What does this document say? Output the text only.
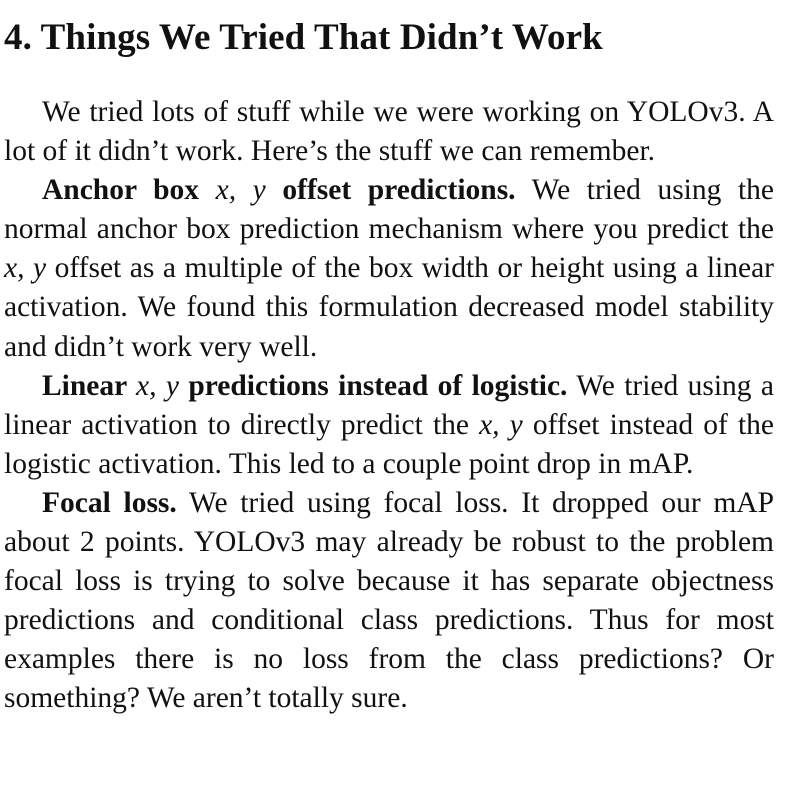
4. Things We Tried That Didn’t Work

We tried lots of stuff while we were working on YOLOv3. A lot of it didn’t work. Here’s the stuff we can remember.

Anchor box x, y offset predictions. We tried using the normal anchor box prediction mechanism where you predict the x, y offset as a multiple of the box width or height using a linear activation. We found this formulation decreased model stability and didn’t work very well.

Linear x, y predictions instead of logistic. We tried using a linear activation to directly predict the x, y offset instead of the logistic activation. This led to a couple point drop in mAP.

Focal loss. We tried using focal loss. It dropped our mAP about 2 points. YOLOv3 may already be robust to the problem focal loss is trying to solve because it has separate objectness predictions and conditional class predictions. Thus for most examples there is no loss from the class predictions? Or something? We aren’t totally sure.
